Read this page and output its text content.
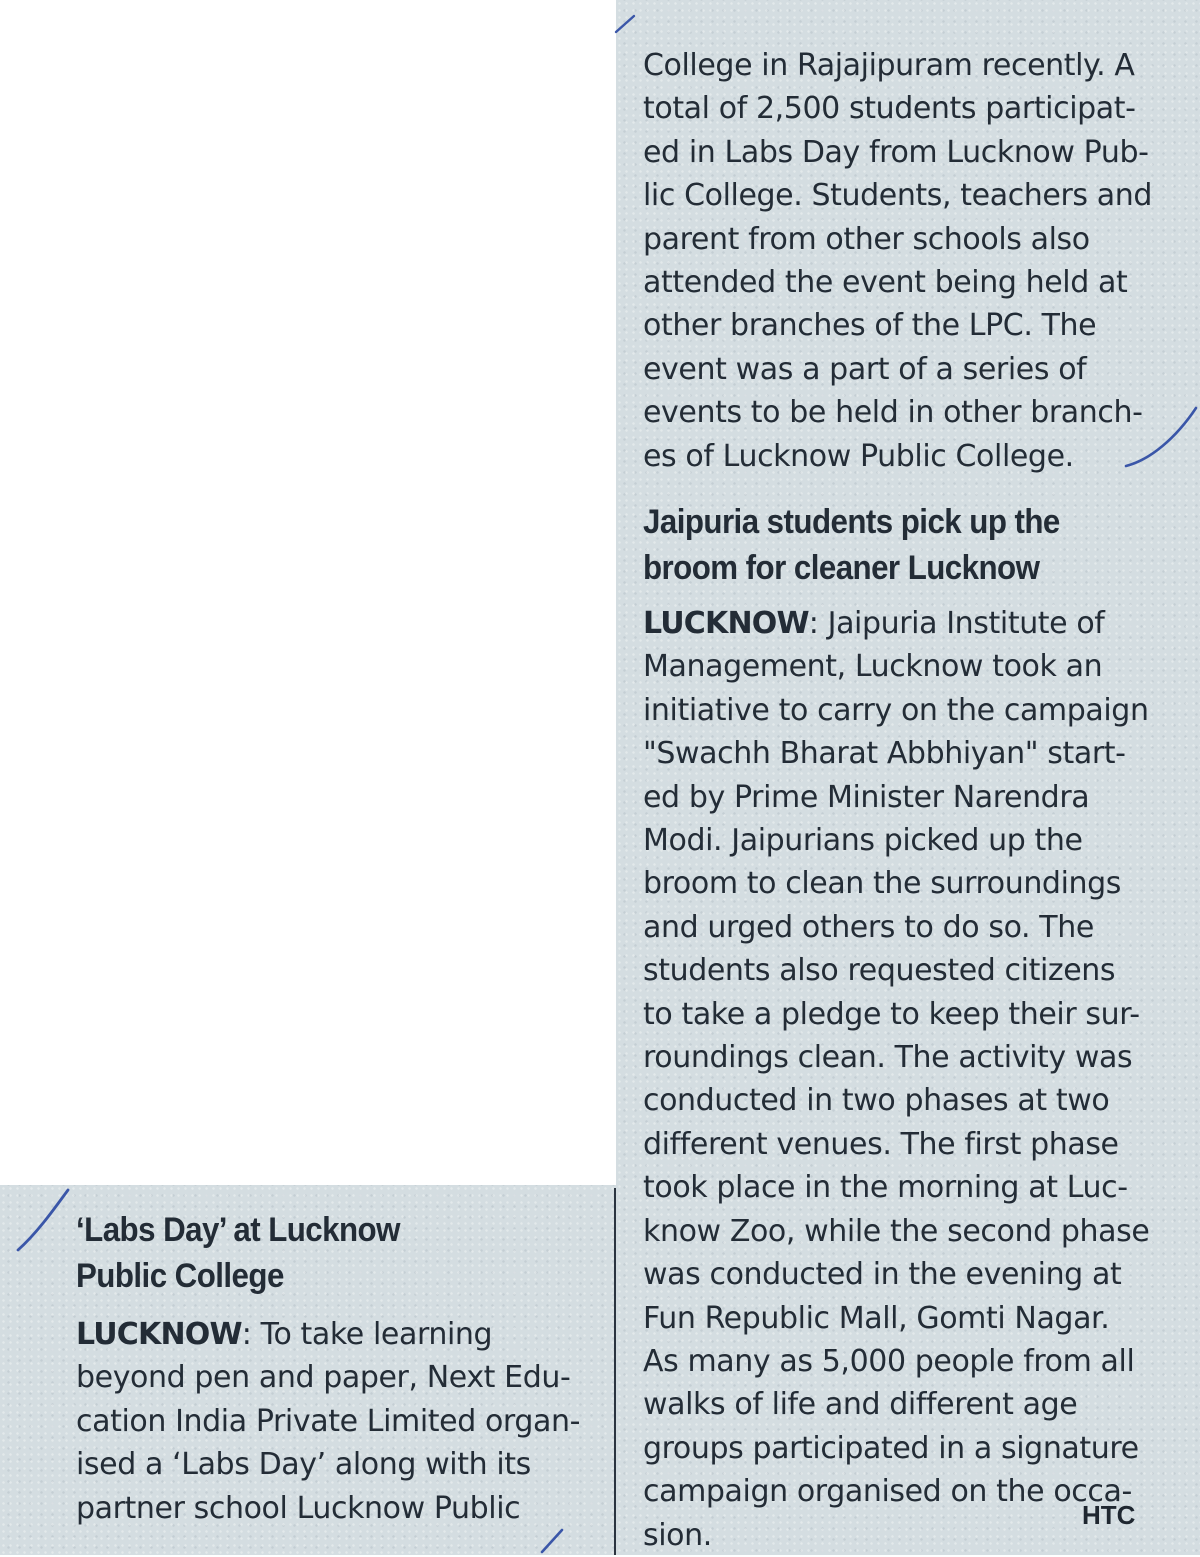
College in Rajajipuram recently. A
total of 2,500 students participat-
ed in Labs Day from Lucknow Pub-
lic College. Students, teachers and
parent from other schools also
attended the event being held at
other branches of the LPC. The
event was a part of a series of
events to be held in other branch-
es of Lucknow Public College.
Jaipuria students pick up the
broom for cleaner Lucknow
LUCKNOW: Jaipuria Institute of
Management, Lucknow took an
initiative to carry on the campaign
"Swachh Bharat Abbhiyan" start-
ed by Prime Minister Narendra
Modi. Jaipurians picked up the
broom to clean the surroundings
and urged others to do so. The
students also requested citizens
to take a pledge to keep their sur-
roundings clean. The activity was
conducted in two phases at two
different venues. The first phase
took place in the morning at Luc-
know Zoo, while the second phase
was conducted in the evening at
Fun Republic Mall, Gomti Nagar.
As many as 5,000 people from all
walks of life and different age
groups participated in a signature
campaign organised on the occa-
sion.
HTC
‘Labs Day’ at Lucknow
Public College
LUCKNOW: To take learning
beyond pen and paper, Next Edu-
cation India Private Limited organ-
ised a ‘Labs Day’ along with its
partner school Lucknow Public
